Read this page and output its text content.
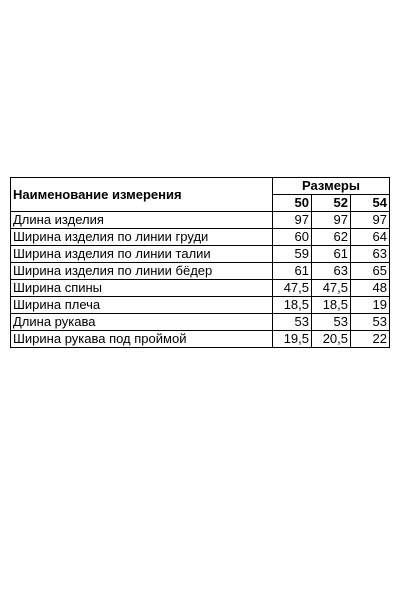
Наименование измерения	Размеры		
	50	52	54
Длина изделия	97	97	97
Ширина изделия по линии груди	60	62	64
Ширина изделия по линии талии	59	61	63
Ширина изделия по линии бёдер	61	63	65
Ширина спины	47,5	47,5	48
Ширина плеча	18,5	18,5	19
Длина рукава	53	53	53
Ширина рукава под проймой	19,5	20,5	22
